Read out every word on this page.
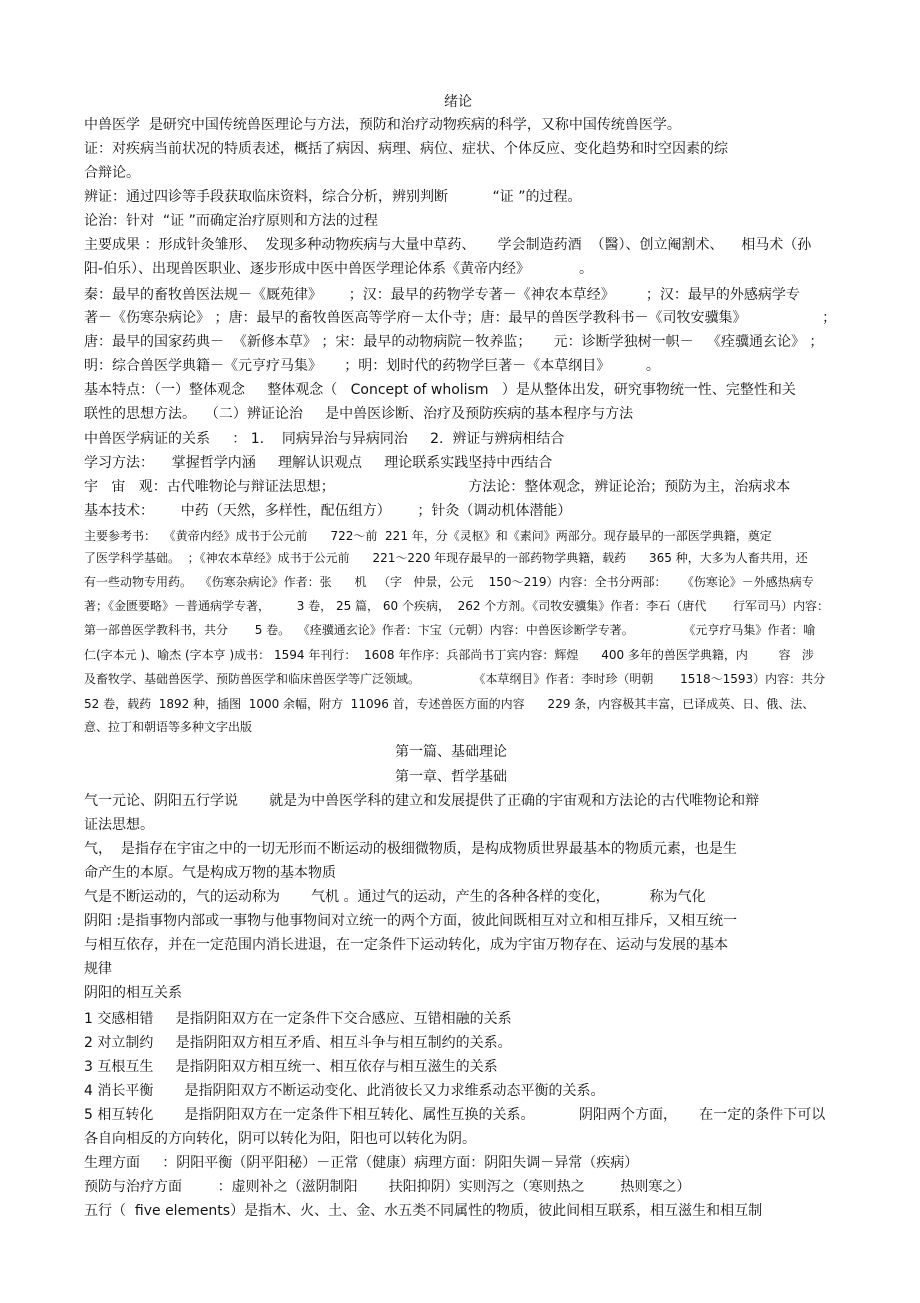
绪论
中兽医学  是研究中国传统兽医理论与方法，预防和治疗动物疾病的科学，又称中国传统兽医学。
证：对疾病当前状况的特质表述，概括了病因、病理、病位、症状、个体反应、变化趋势和时空因素的综
合辩论。
辨证：通过四诊等手段获取临床资料，综合分析，辨别判断          “证 ”的过程。
论治：针对  “证 ”而确定治疗原则和方法的过程
主要成果 ：形成针灸雏形、  发现多种动物疾病与大量中草药、     学会制造药酒  （醫）、创立阉割术、    相马术（孙
阳-伯乐）、出现兽医职业、逐步形成中医中兽医学理论体系《黄帝内经》           。
秦：最早的畜牧兽医法规－《厩苑律》      ；汉：最早的药物学专著－《神农本草经》       ；汉：最早的外感病学专
著－《伤寒杂病论》 ；唐：最早的畜牧兽医高等学府－太仆寺；唐：最早的兽医学教科书－《司牧安骥集》                 ；
唐：最早的国家药典－  《新修本草》 ；宋：最早的动物病院－牧养监；     元：诊断学独树一帜－   《痊骥通玄论》 ；
明：综合兽医学典籍－《元亨疗马集》     ；明：划时代的药物学巨著－《本草纲目》        。
基本特点：（一）整体观念     整体观念（   Concept of wholism   ）是从整体出发，研究事物统一性、完整性和关
联性的思想方法。  （二）辨证论治     是中兽医诊断、治疗及预防疾病的基本程序与方法
中兽医学病证的关系     ： 1.    同病异治与异病同治     2.  辨证与辨病相结合
学习方法：    掌握哲学内涵     理解认识观点     理论联系实践坚持中西结合
宇   宙   观：古代唯物论与辩证法思想；                              方法论：整体观念，辨证论治；预防为主，治病求本
基本技术：      中药（天然，多样性，配伍组方）      ；针灸（调动机体潜能）
主要参考书：  《黄帝内经》成书于公元前      722～前  221 年，分《灵枢》和《素问》两部分。现存最早的一部医学典籍，奠定
了医学科学基础。  ；《神农本草经》成书于公元前      221～220 年现存最早的一部药物学典籍，载药      365 种，大多为人畜共用，还
有一些动物专用药。  《伤寒杂病论》作者：张      机   （字   仲景，公元    150～219）内容：全书分两部：    《伤寒论》－外感热病专
著；《金匮要略》－普通病学专著，       3 卷， 25 篇， 60 个疾病，  262 个方剂。《司牧安骥集》作者：李石（唐代       行军司马）内容：
第一部兽医学教科书，共分       5 卷。  《痊骥通玄论》作者：卞宝（元朝）内容：中兽医诊断学专著。             《元亨疗马集》作者：喻
仁(字本元 )、喻杰 (字本亨 )成书： 1594 年刊行：  1608 年作序：兵部尚书丁宾内容：辉煌      400 多年的兽医学典籍，内        容   涉
及畜牧学、基础兽医学、预防兽医学和临床兽医学等广泛领域。              《本草纲目》作者：李时珍（明朝       1518～1593）内容：共分
52 卷，载药  1892 种，插图  1000 余幅，附方  11096 首，专述兽医方面的内容      229 条，内容极其丰富，已译成英、日、俄、法、
意、拉丁和朝语等多种文字出版
第一篇、基础理论
第一章、哲学基础
气一元论、阴阳五行学说       就是为中兽医学科的建立和发展提供了正确的宇宙观和方法论的古代唯物论和辩
证法思想。
气，  是指存在宇宙之中的一切无形而不断运动的极细微物质，是构成物质世界最基本的物质元素，也是生
命产生的本原。气是构成万物的基本物质
气是不断运动的，气的运动称为       气机 。通过气的运动，产生的各种各样的变化，         称为气化
阴阳 :是指事物内部或一事物与他事物间对立统一的两个方面，彼此间既相互对立和相互排斥，又相互统一
与相互依存，并在一定范围内消长进退，在一定条件下运动转化，成为宇宙万物存在、运动与发展的基本
规律
阴阳的相互关系
1 交感相错     是指阴阳双方在一定条件下交合感应、互错相融的关系
2 对立制约     是指阴阳双方相互矛盾、相互斗争与相互制约的关系。
3 互根互生     是指阴阳双方相互统一、相互依存与相互滋生的关系
4 消长平衡       是指阴阳双方不断运动变化、此消彼长又力求维系动态平衡的关系。
5 相互转化       是指阴阳双方在一定条件下相互转化、属性互换的关系。          阴阳两个方面，     在一定的条件下可以
各自向相反的方向转化，阴可以转化为阳，阳也可以转化为阴。
生理方面     ：阴阳平衡（阴平阳秘）－正常（健康）病理方面：阴阳失调－异常（疾病）
预防与治疗方面        ：虚则补之（滋阴制阳       扶阳抑阴）实则泻之（寒则热之        热则寒之）
五行（  five elements）是指木、火、土、金、水五类不同属性的物质，彼此间相互联系，相互滋生和相互制
